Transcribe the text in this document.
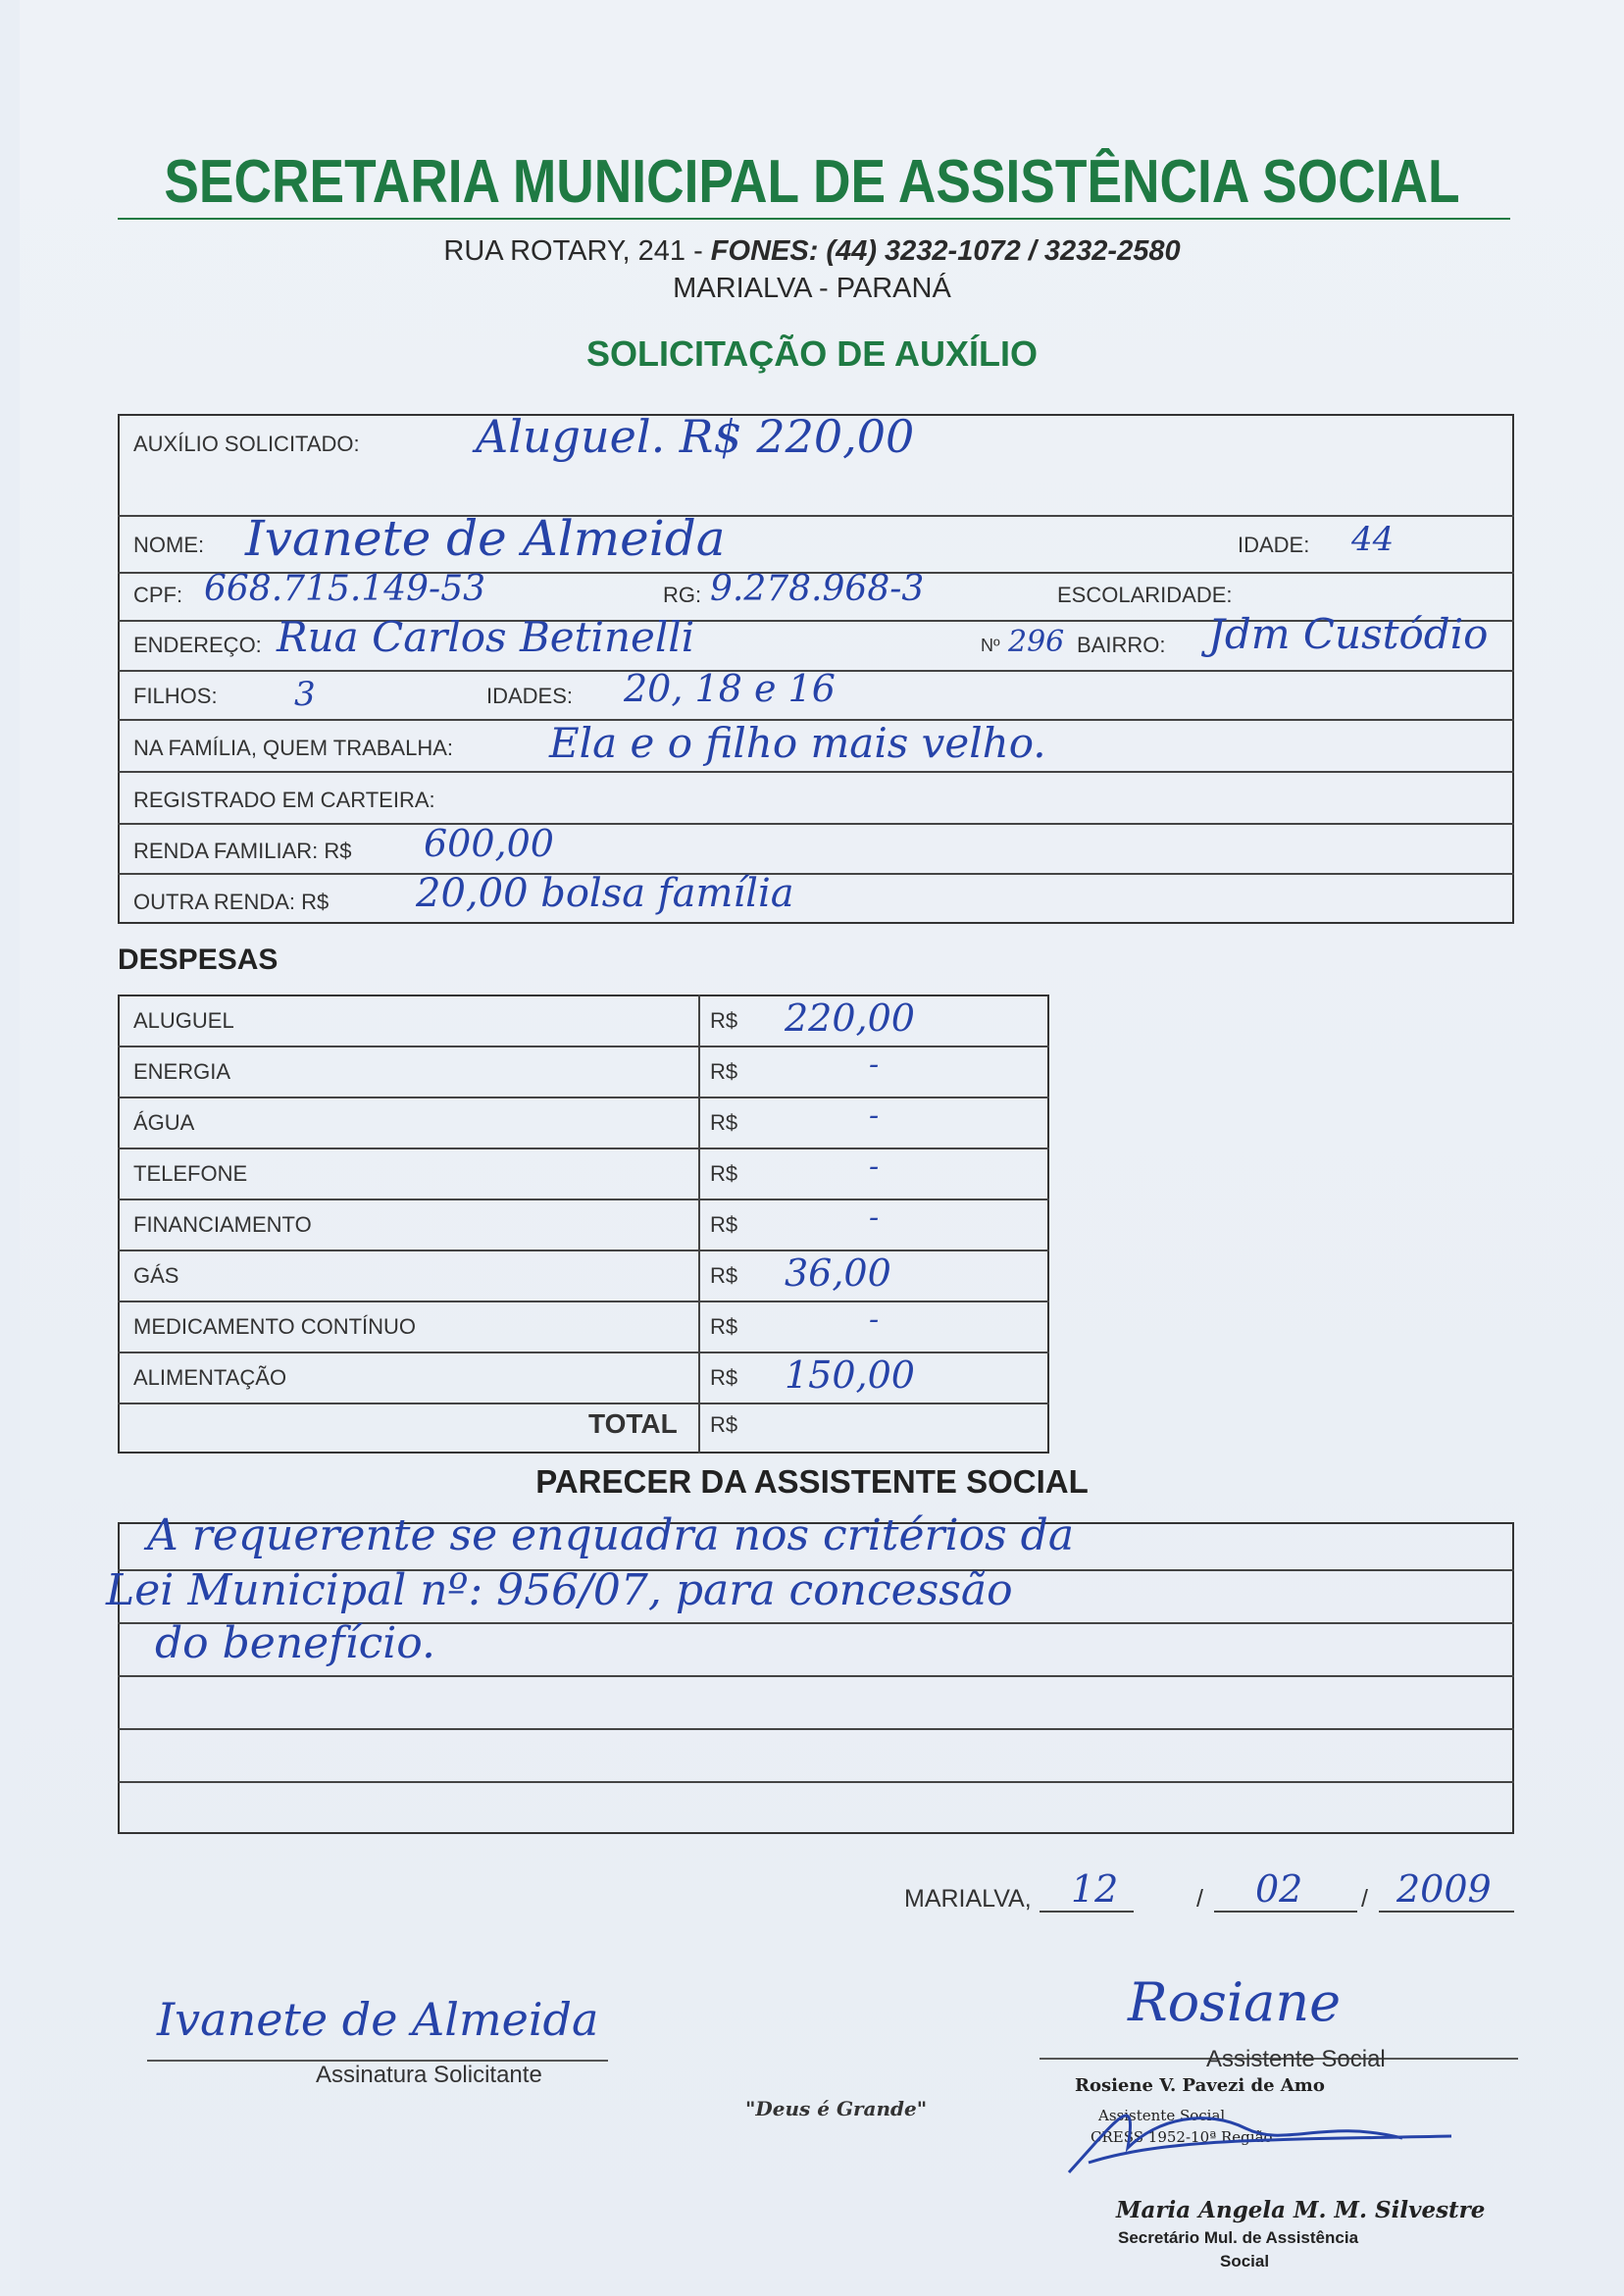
SECRETARIA MUNICIPAL DE ASSISTÊNCIA SOCIAL
RUA ROTARY, 241 - FONES: (44) 3232-1072 / 3232-2580
MARIALVA - PARANÁ
SOLICITAÇÃO DE AUXÍLIO
AUXÍLIO SOLICITADO:	Aluguel. R$ 220,00
NOME: Ivanete de Almeida	IDADE: 44
CPF: 668.715.149-53	RG: 9.278.968-3	ESCOLARIDADE:
ENDEREÇO: Rua Carlos Betinelli	Nº 296 BAIRRO: Jdm Custódio
FILHOS: 3	IDADES: 20, 18 e 16
NA FAMÍLIA, QUEM TRABALHA: Ela e o filho mais velho.
REGISTRADO EM CARTEIRA:
RENDA FAMILIAR: R$ 600,00
OUTRA RENDA: R$ 20,00 bolsa família
DESPESAS
ALUGUEL	R$ 220,00
ENERGIA	R$	-
ÁGUA	R$	-
TELEFONE	R$	-
FINANCIAMENTO	R$	-
GÁS	R$ 36,00
MEDICAMENTO CONTÍNUO	R$	-
ALIMENTAÇÃO	R$ 150,00
TOTAL R$
PARECER DA ASSISTENTE SOCIAL
A requerente se enquadra nos critérios da
Lei Municipal nº: 956/07, para concessão
do benefício.
MARIALVA, 12	/ 02 / 2009
Ivanete de Almeida
Assinatura Solicitante
"Deus é Grande"
Rosiane
Assistente Social
Rosiene V. Pavezi de Amo
Assistente Social
CRESS 1952-10ª Região
Maria Angela M. M. Silvestre
Secretário Mul. de Assistência
Social
